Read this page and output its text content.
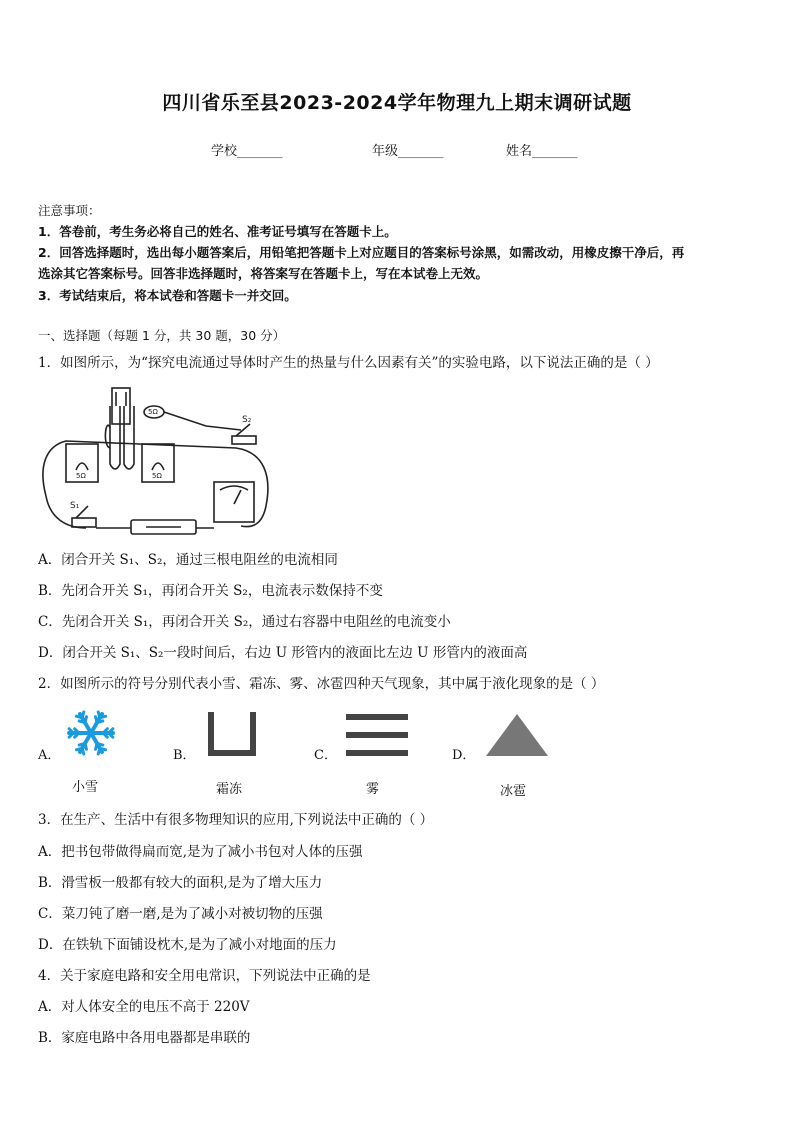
四川省乐至县2023-2024学年物理九上期末调研试题
学校_______	年级_______	姓名_______
注意事项：
1．答卷前，考生务必将自己的姓名、准考证号填写在答题卡上。
2．回答选择题时，选出每小题答案后，用铅笔把答题卡上对应题目的答案标号涂黑，如需改动，用橡皮擦干净后，再
选涂其它答案标号。回答非选择题时，将答案写在答题卡上，写在本试卷上无效。
3．考试结束后，将本试卷和答题卡一并交回。
一、选择题（每题 1 分，共 30 题，30 分）
1．如图所示，为“探究电流通过导体时产生的热量与什么因素有关”的实验电路，以下说法正确的是（ ）
5Ω	5Ω
5Ω
S₂
S₁
A．闭合开关 S₁、S₂，通过三根电阻丝的电流相同
B．先闭合开关 S₁，再闭合开关 S₂，电流表示数保持不变
C．先闭合开关 S₁，再闭合开关 S₂，通过右容器中电阻丝的电流变小
D．闭合开关 S₁、S₂一段时间后，右边 U 形管内的液面比左边 U 形管内的液面高
2．如图所示的符号分别代表小雪、霜冻、雾、冰雹四种天气现象，其中属于液化现象的是（ ）
A．
小雪
B．
霜冻
C．
雾
D．
冰雹
3．在生产、生活中有很多物理知识的应用,下列说法中正确的（ ）
A．把书包带做得扁而宽,是为了减小书包对人体的压强
B．滑雪板一般都有较大的面积,是为了增大压力
C．菜刀钝了磨一磨,是为了减小对被切物的压强
D．在铁轨下面铺设枕木,是为了减小对地面的压力
4．关于家庭电路和安全用电常识，下列说法中正确的是
A．对人体安全的电压不高于 220V
B．家庭电路中各用电器都是串联的
